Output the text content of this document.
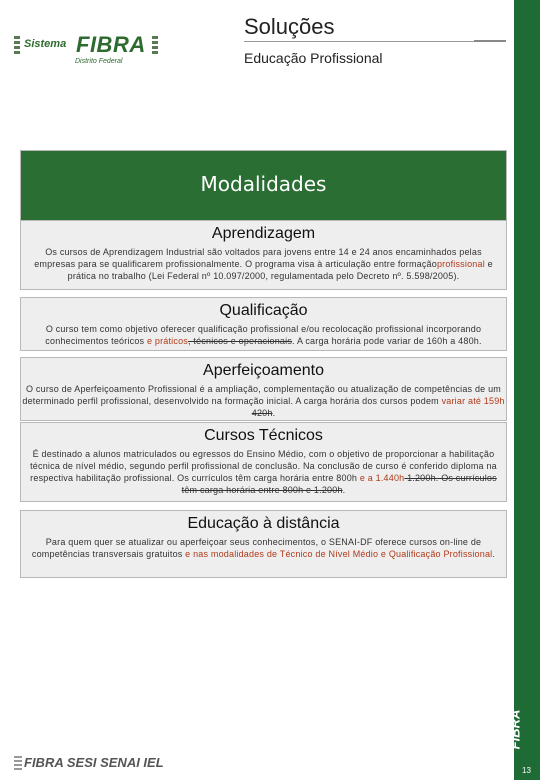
Sistema FIBRA
Distrito Federal
Soluções
Educação Profissional
Modalidades
Aprendizagem
Os cursos de Aprendizagem Industrial são voltados para jovens entre 14 e 24 anos encaminhados pelas empresas para se qualificarem profissionalmente. O programa visa à articulação entre formaçãoprofissional e prática no trabalho (Lei Federal nº 10.097/2000, regulamentada pelo Decreto nº. 5.598/2005).
Qualificação
O curso tem como objetivo oferecer qualificação profissional e/ou recolocação profissional incorporando conhecimentos teóricos e práticos, técnicos e operacionais. A carga horária pode variar de 160h a 480h.
Aperfeiçoamento
O curso de Aperfeiçoamento Profissional é a ampliação, complementação ou atualização de competências de um determinado perfil profissional, desenvolvido na formação inicial. A carga horária dos cursos podem variar até 159h 420h.
Cursos Técnicos
É destinado a alunos matriculados ou egressos do Ensino Médio, com o objetivo de proporcionar a habilitação técnica de nível médio, segundo perfil profissional de conclusão. Na conclusão de curso é conferido diploma na respectiva habilitação profissional. Os currículos têm carga horária entre 800h e a 1.440h 1.200h. Os currículos têm carga horária entre 800h e 1.200h.
Educação à distância
Para quem quer se atualizar ou aperfeiçoar seus conhecimentos, o SENAI-DF oferece cursos on-line de competências transversais gratuitos e nas modalidades de Técnico de Nível Médio e Qualificação Profissional.
FIBRA SESI SENAI IEL
FIBRA
13
